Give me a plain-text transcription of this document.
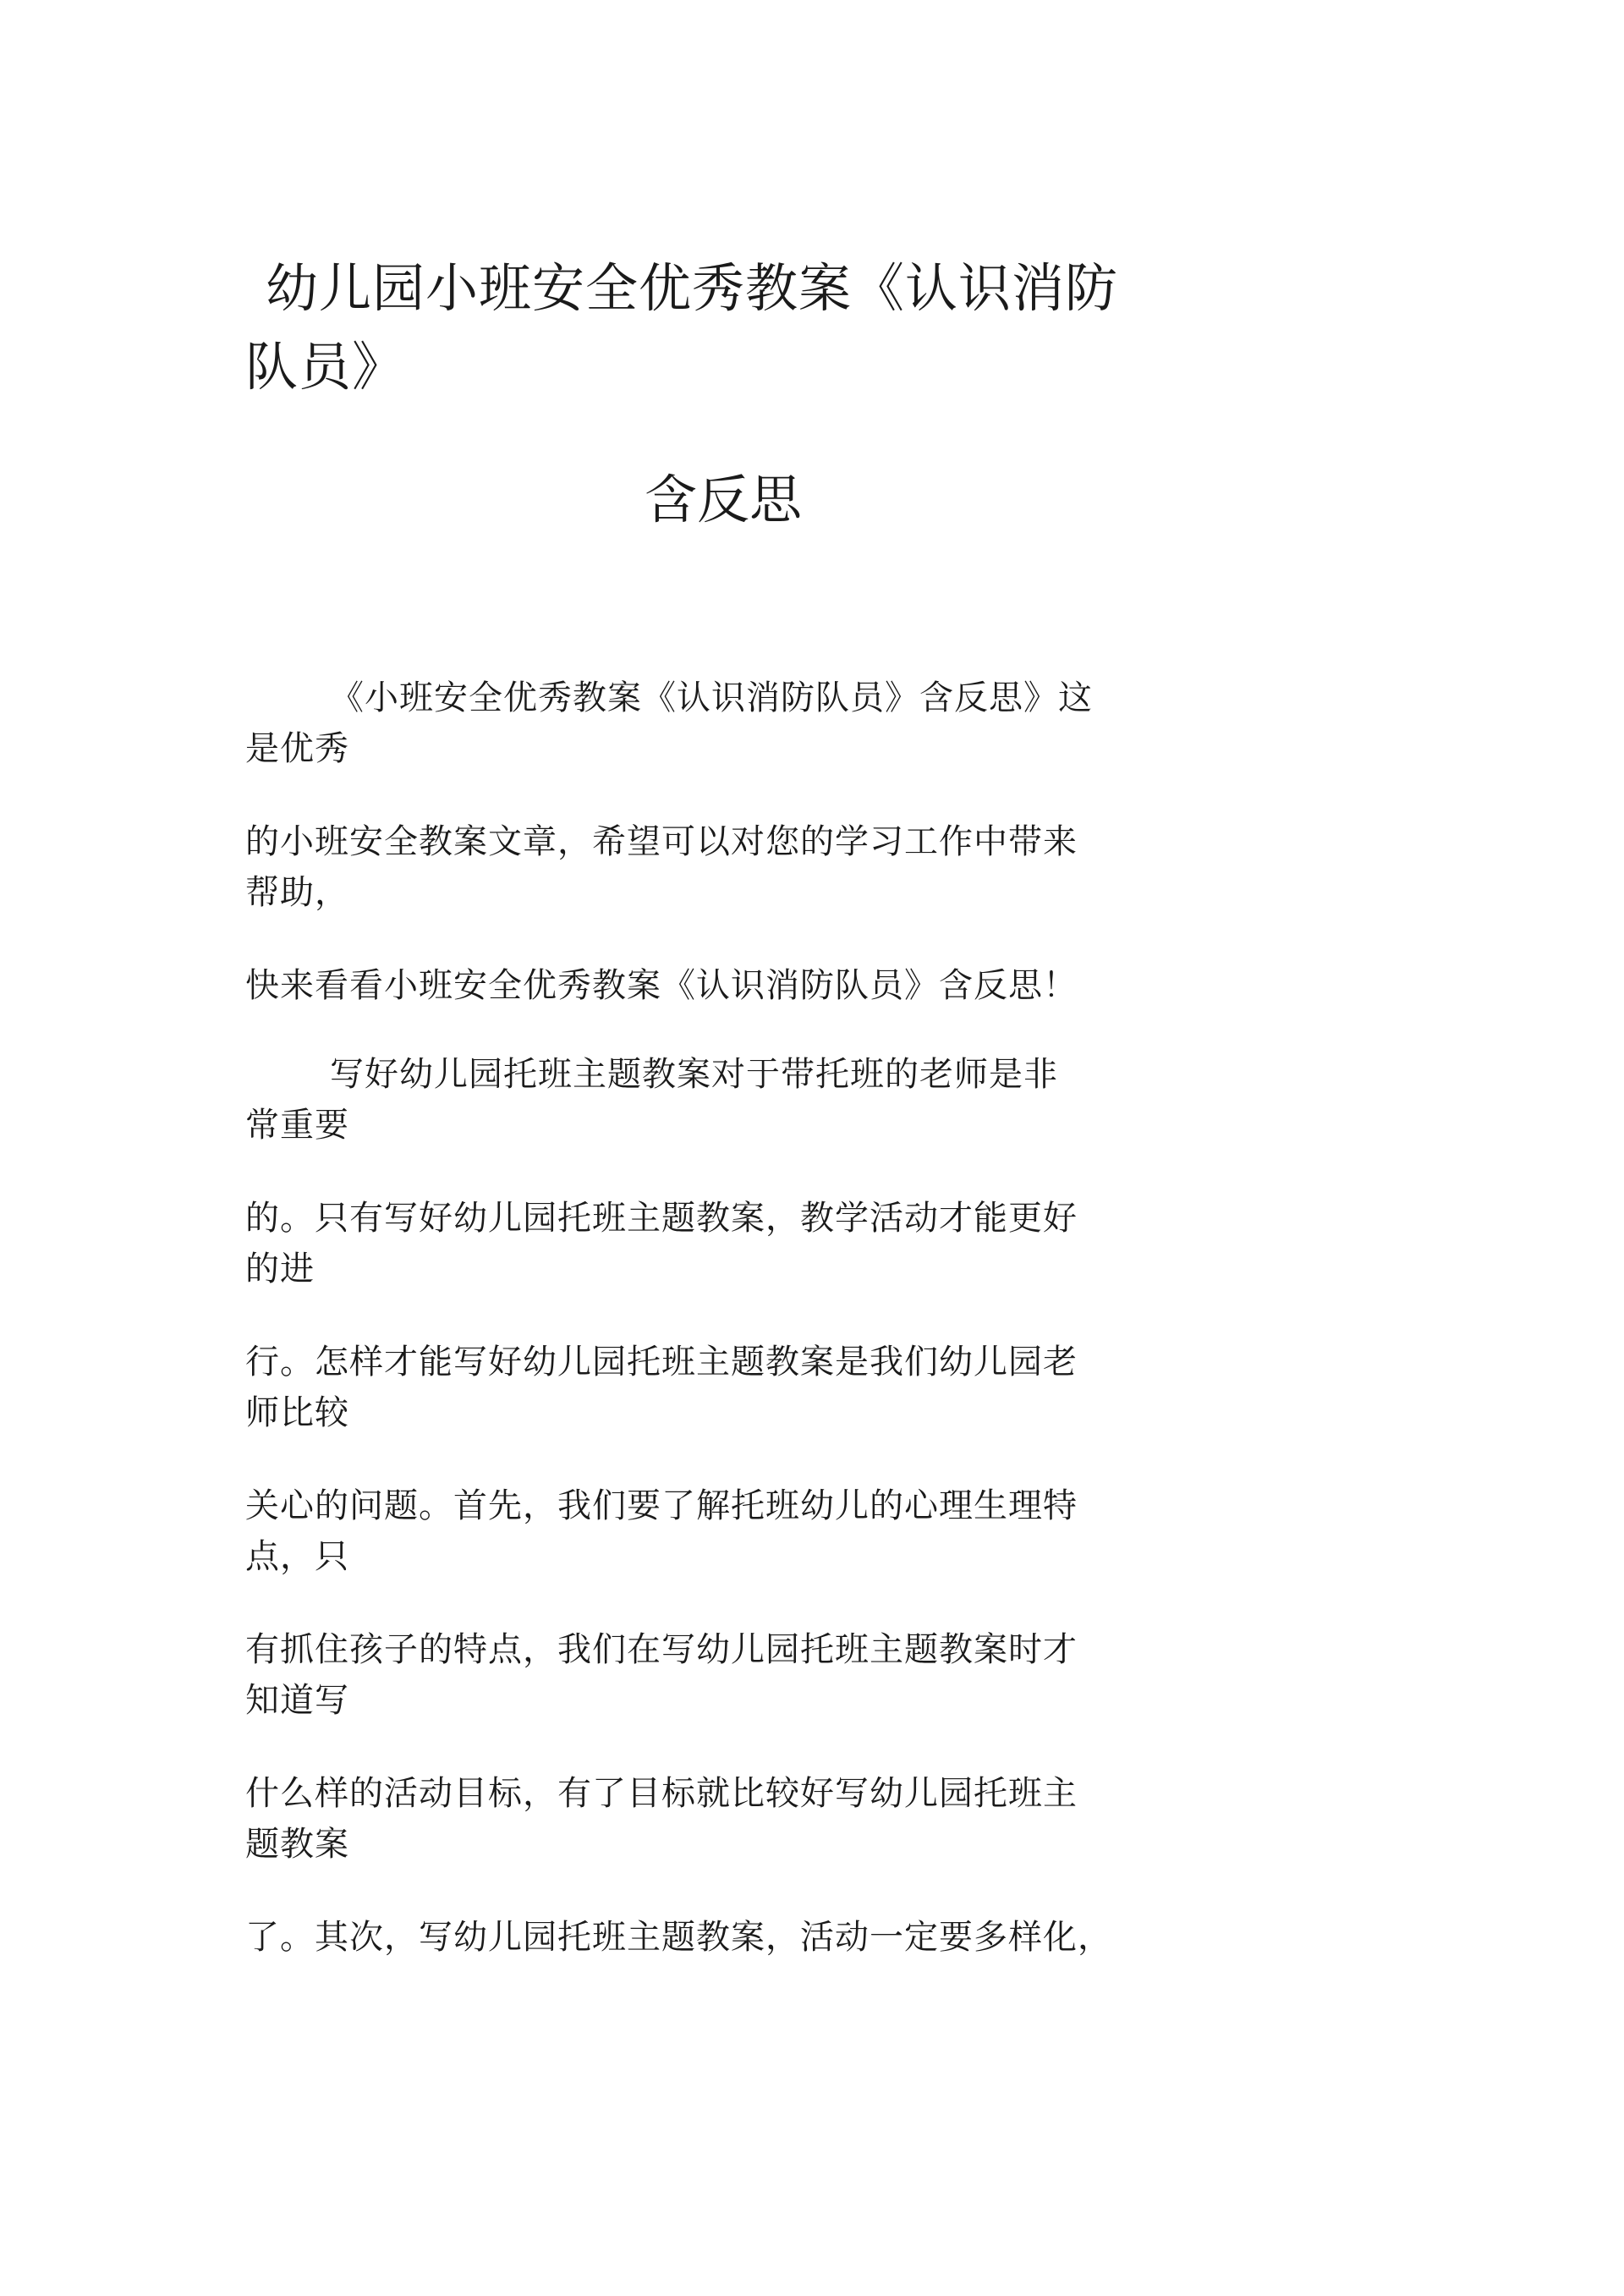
幼儿园小班安全优秀教案《认识消防
队员》
含反思
《小班安全优秀教案《认识消防队员》含反思》这
是优秀
的小班安全教案文章，希望可以对您的学习工作中带来
帮助，
快来看看小班安全优秀教案《认识消防队员》含反思！
写好幼儿园托班主题教案对于带托班的老师是非
常重要
的。只有写好幼儿园托班主题教案，教学活动才能更好
的进
行。怎样才能写好幼儿园托班主题教案是我们幼儿园老
师比较
关心的问题。首先，我们要了解托班幼儿的心理生理特
点，只
有抓住孩子的特点，我们在写幼儿园托班主题教案时才
知道写
什么样的活动目标，有了目标就比较好写幼儿园托班主
题教案
了。其次，写幼儿园托班主题教案，活动一定要多样化，
